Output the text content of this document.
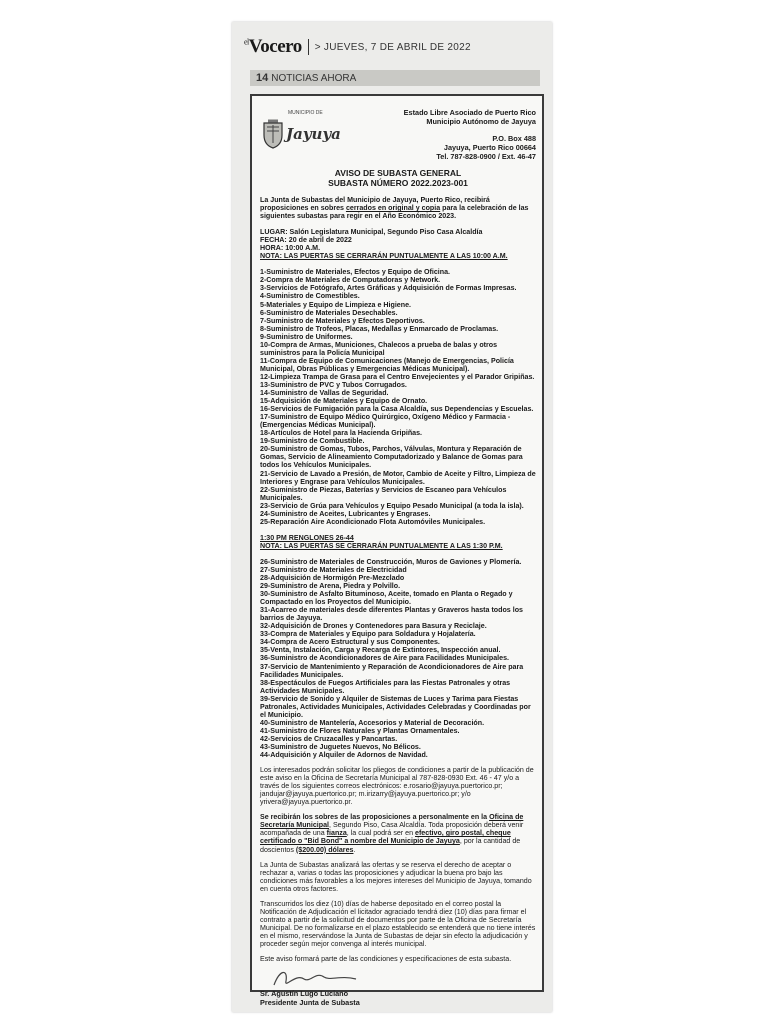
$^{el}$Vocero > JUEVES, 7 DE ABRIL DE 2022
14 NOTICIAS AHORA
MUNICIPIO DE
Jayuya
Estado Libre Asociado de Puerto Rico
Municipio Autónomo de Jayuya
P.O. Box 488
Jayuya, Puerto Rico 00664
Tel. 787-828-0900 / Ext. 46-47
AVISO DE SUBASTA GENERAL
SUBASTA NÚMERO 2022.2023-001

La Junta de Subastas del Municipio de Jayuya, Puerto Rico, recibirá proposiciones en sobres cerrados en original y copia para la celebración de las siguientes subastas para regir en el Año Económico 2023.

LUGAR: Salón Legislatura Municipal, Segundo Piso Casa Alcaldía
FECHA: 20 de abril de 2022
HORA: 10:00 A.M.
NOTA: LAS PUERTAS SE CERRARÁN PUNTUALMENTE A LAS 10:00 A.M.
1-Suministro de Materiales, Efectos y Equipo de Oficina.
2-Compra de Materiales de Computadoras y Network.
3-Servicios de Fotógrafo, Artes Gráficas y Adquisición de Formas Impresas.
4-Suministro de Comestibles.
5-Materiales y Equipo de Limpieza e Higiene.
6-Suministro de Materiales Desechables.
7-Suministro de Materiales y Efectos Deportivos.
8-Suministro de Trofeos, Placas, Medallas y Enmarcado de Proclamas.
9-Suministro de Uniformes.
10-Compra de Armas, Municiones, Chalecos a prueba de balas y otros suministros para la Policía Municipal
11-Compra de Equipo de Comunicaciones (Manejo de Emergencias, Policía Municipal, Obras Públicas y Emergencias Médicas Municipal).
12-Limpieza Trampa de Grasa para el Centro Envejecientes y el Parador Gripiñas.
13-Suministro de PVC y Tubos Corrugados.
14-Suministro de Vallas de Seguridad.
15-Adquisición de Materiales y Equipo de Ornato.
16-Servicios de Fumigación para la Casa Alcaldía, sus Dependencias y Escuelas.
17-Suministro de Equipo Médico Quirúrgico, Oxígeno Médico y Farmacia - (Emergencias Médicas Municipal).
18-Artículos de Hotel para la Hacienda Gripiñas.
19-Suministro de Combustible.
20-Suministro de Gomas, Tubos, Parchos, Válvulas, Montura y Reparación de Gomas, Servicio de Alineamiento Computadorizado y Balance de Gomas para todos los Vehículos Municipales.
21-Servicio de Lavado a Presión, de Motor, Cambio de Aceite y Filtro, Limpieza de Interiores y Engrase para Vehículos Municipales.
22-Suministro de Piezas, Baterías y Servicios de Escaneo para Vehículos Municipales.
23-Servicio de Grúa para Vehículos y Equipo Pesado Municipal (a toda la isla).
24-Suministro de Aceites, Lubricantes y Engrases.
25-Reparación Aire Acondicionado Flota Automóviles Municipales.
1:30 PM RENGLONES 26-44
NOTA: LAS PUERTAS SE CERRARÁN PUNTUALMENTE A LAS 1:30 P.M.
26-Suministro de Materiales de Construcción, Muros de Gaviones y Plomería.
27-Suministro de Materiales de Electricidad
28-Adquisición de Hormigón Pre-Mezclado
29-Suministro de Arena, Piedra y Polvillo.
30-Suministro de Asfalto Bituminoso, Aceite, tomado en Planta o Regado y Compactado en los Proyectos del Municipio.
31-Acarreo de materiales desde diferentes Plantas y Graveros hasta todos los barrios de Jayuya.
32-Adquisición de Drones y Contenedores para Basura y Reciclaje.
33-Compra de Materiales y Equipo para Soldadura y Hojalatería.
34-Compra de Acero Estructural y sus Componentes.
35-Venta, Instalación, Carga y Recarga de Extintores, Inspección anual.
36-Suministro de Acondicionadores de Aire para Facilidades Municipales.
37-Servicio de Mantenimiento y Reparación de Acondicionadores de Aire para Facilidades Municipales.
38-Espectáculos de Fuegos Artificiales para las Fiestas Patronales y otras Actividades Municipales.
39-Servicio de Sonido y Alquiler de Sistemas de Luces y Tarima para Fiestas Patronales, Actividades Municipales, Actividades Celebradas y Coordinadas por el Municipio.
40-Suministro de Mantelería, Accesorios y Material de Decoración.
41-Suministro de Flores Naturales y Plantas Ornamentales.
42-Servicios de Cruzacalles y Pancartas.
43-Suministro de Juguetes Nuevos, No Bélicos.
44-Adquisición y Alquiler de Adornos de Navidad.

Los interesados podrán solicitar los pliegos de condiciones a partir de la publicación de este aviso en la Oficina de Secretaría Municipal al 787-828-0930 Ext. 46 - 47 y/o a través de los siguientes correos electrónicos: e.rosario@jayuya.puertorico.pr; jandujar@jayuya.puertorico.pr; m.irizarry@jayuya.puertorico.pr; y/o yrivera@jayuya.puertorico.pr.

Se recibirán los sobres de las proposiciones a personalmente en la Oficina de Secretaría Municipal, Segundo Piso, Casa Alcaldía. Toda proposición deberá venir acompañada de una fianza, la cual podrá ser en efectivo, giro postal, cheque certificado o "Bid Bond" a nombre del Municipio de Jayuya, por la cantidad de doscientos ($200.00) dólares.

La Junta de Subastas analizará las ofertas y se reserva el derecho de aceptar o rechazar a, varias o todas las proposiciones y adjudicar la buena pro bajo las condiciones más favorables a los mejores intereses del Municipio de Jayuya, tomando en cuenta otros factores.

Transcurridos los diez (10) días de haberse depositado en el correo postal la Notificación de Adjudicación el licitador agraciado tendrá diez (10) días para firmar el contrato a partir de la solicitud de documentos por parte de la Oficina de Secretaría Municipal. De no formalizarse en el plazo establecido se entenderá que no tiene interés en el mismo, reservándose la Junta de Subastas de dejar sin efecto la adjudicación y proceder según mejor convenga al interés municipal.

Este aviso formará parte de las condiciones y especificaciones de esta subasta.

Sr. Agustín Lugo Luciano
Presidente Junta de Subasta
